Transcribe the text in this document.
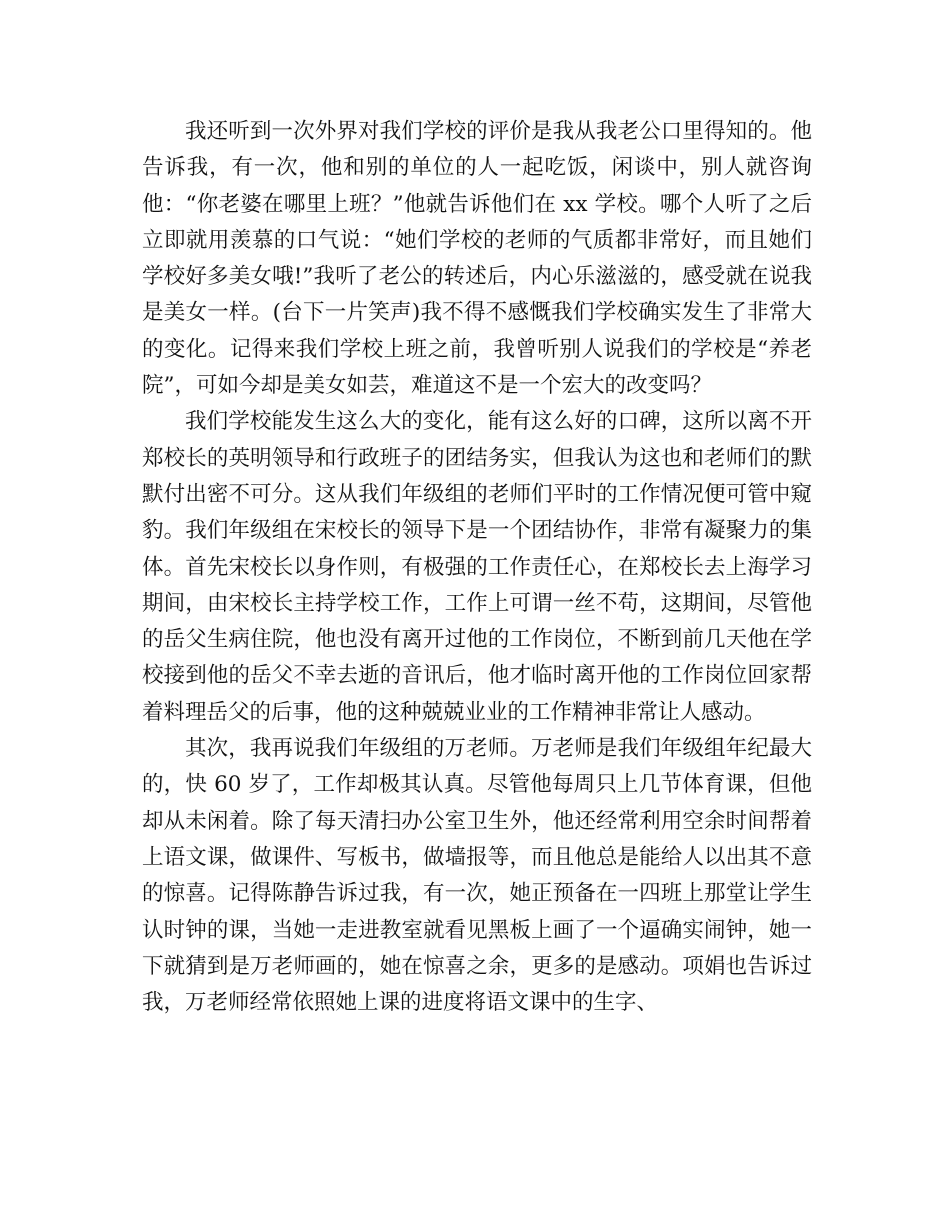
我还听到一次外界对我们学校的评价是我从我老公口里得知的。他告诉我，有一次，他和别的单位的人一起吃饭，闲谈中，别人就咨询他：“你老婆在哪里上班？”他就告诉他们在 xx 学校。哪个人听了之后立即就用羡慕的口气说：“她们学校的老师的气质都非常好，而且她们学校好多美女哦!”我听了老公的转述后，内心乐滋滋的，感受就在说我是美女一样。(台下一片笑声)我不得不感慨我们学校确实发生了非常大的变化。记得来我们学校上班之前，我曾听别人说我们的学校是“养老院”，可如今却是美女如芸，难道这不是一个宏大的改变吗？

我们学校能发生这么大的变化，能有这么好的口碑，这所以离不开郑校长的英明领导和行政班子的团结务实，但我认为这也和老师们的默默付出密不可分。这从我们年级组的老师们平时的工作情况便可管中窥豹。我们年级组在宋校长的领导下是一个团结协作，非常有凝聚力的集体。首先宋校长以身作则，有极强的工作责任心，在郑校长去上海学习期间，由宋校长主持学校工作，工作上可谓一丝不苟，这期间，尽管他的岳父生病住院，他也没有离开过他的工作岗位，不断到前几天他在学校接到他的岳父不幸去逝的音讯后，他才临时离开他的工作岗位回家帮着料理岳父的后事，他的这种兢兢业业的工作精神非常让人感动。

其次，我再说我们年级组的万老师。万老师是我们年级组年纪最大的，快 60 岁了，工作却极其认真。尽管他每周只上几节体育课，但他却从未闲着。除了每天清扫办公室卫生外，他还经常利用空余时间帮着上语文课，做课件、写板书，做墙报等，而且他总是能给人以出其不意的惊喜。记得陈静告诉过我，有一次，她正预备在一四班上那堂让学生认时钟的课，当她一走进教室就看见黑板上画了一个逼确实闹钟，她一下就猜到是万老师画的，她在惊喜之余，更多的是感动。项娟也告诉过我，万老师经常依照她上课的进度将语文课中的生字、
